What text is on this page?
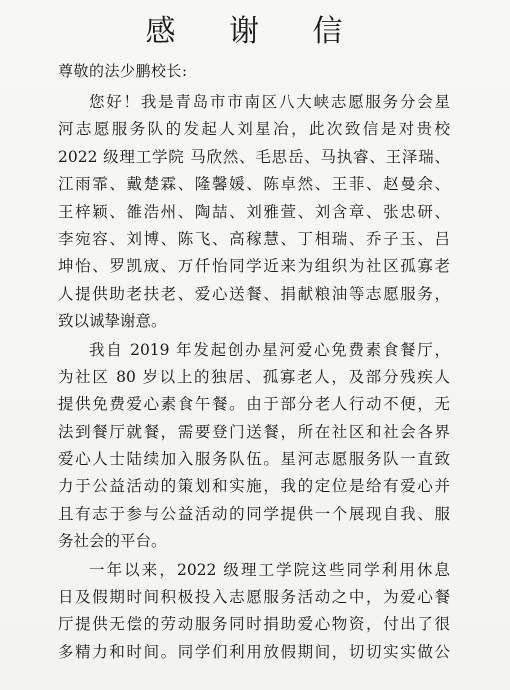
感 谢 信
尊敬的法少鹏校长:
您好！我是青岛市市南区八大峡志愿服务分会星
河志愿服务队的发起人刘星冶，此次致信是对贵校
2022 级理工学院 马欣然、毛思岳、马执睿、王泽瑞、
江雨霏、戴楚霖、隆馨媛、陈卓然、王菲、赵曼余、
王梓颖、雒浩州、陶喆、刘雅萱、刘含章、张忠研、
李宛容、刘博、陈飞、高稼慧、丁相瑞、乔子玉、吕
坤怡、罗凯宬、万仟怡同学近来为组织为社区孤寡老
人提供助老扶老、爱心送餐、捐献粮油等志愿服务，
致以诚挚谢意。
我自 2019 年发起创办星河爱心免费素食餐厅，
为社区 80 岁以上的独居、孤寡老人，及部分残疾人
提供免费爱心素食午餐。由于部分老人行动不便，无
法到餐厅就餐，需要登门送餐，所在社区和社会各界
爱心人士陆续加入服务队伍。星河志愿服务队一直致
力于公益活动的策划和实施，我的定位是给有爱心并
且有志于参与公益活动的同学提供一个展现自我、服
务社会的平台。
一年以来，2022 级理工学院这些同学利用休息
日及假期时间积极投入志愿服务活动之中，为爱心餐
厅提供无偿的劳动服务同时捐助爱心物资，付出了很
多精力和时间。同学们利用放假期间，切切实实做公
